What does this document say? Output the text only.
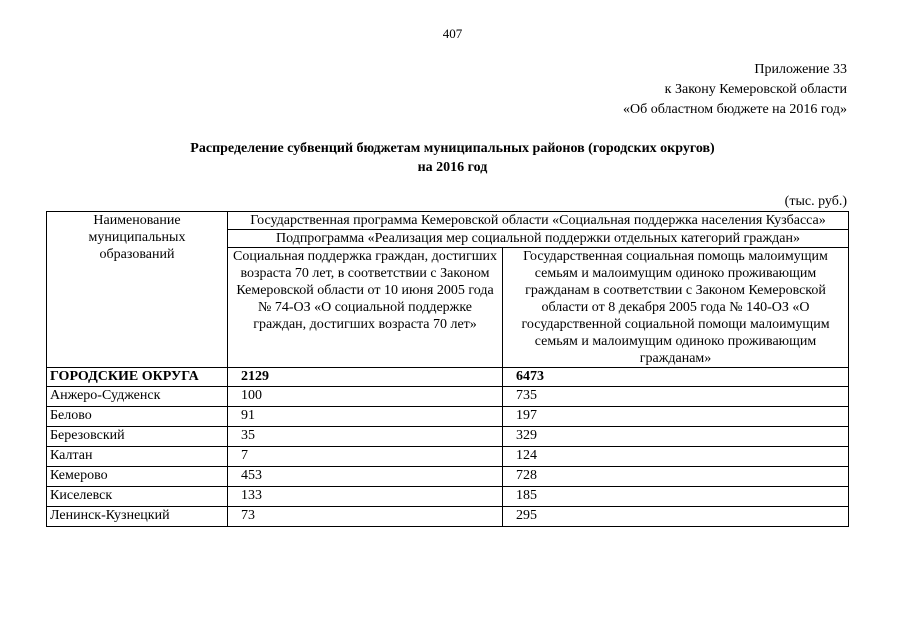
407
Приложение 33
к Закону Кемеровской области
«Об областном бюджете на 2016 год»
Распределение субвенций бюджетам муниципальных районов (городских округов)
на 2016 год
(тыс. руб.)
Наименование муниципальных образований	Государственная программа Кемеровской области «Социальная поддержка населения Кузбасса»	
	Подпрограмма «Реализация мер социальной поддержки отдельных категорий граждан»	
	Социальная поддержка граждан, достигших возраста 70 лет, в соответствии с Законом Кемеровской области от 10 июня 2005 года № 74-ОЗ «О социальной поддержке граждан, достигших возраста 70 лет»	Государственная социальная помощь малоимущим семьям и малоимущим одиноко проживающим гражданам в соответствии с Законом Кемеровской области от 8 декабря 2005 года № 140-ОЗ «О государственной социальной помощи малоимущим семьям и малоимущим одиноко проживающим гражданам»
ГОРОДСКИЕ ОКРУГА	2129	6473
Анжеро-Судженск	100	735
Белово	91	197
Березовский	35	329
Калтан	7	124
Кемерово	453	728
Киселевск	133	185
Ленинск-Кузнецкий	73	295
